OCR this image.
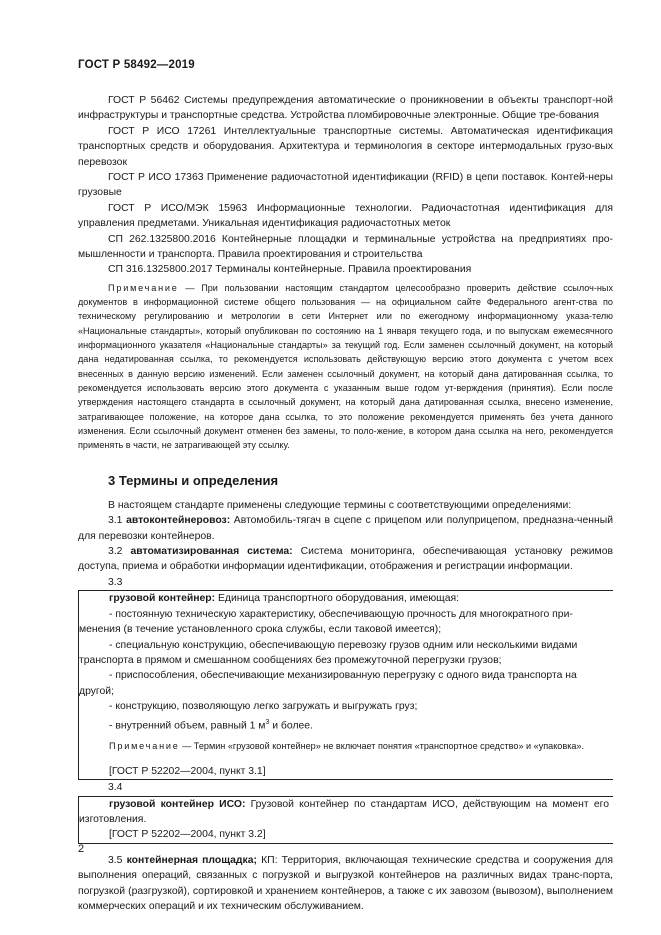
ГОСТ Р 58492—2019

ГОСТ Р 56462 Системы предупреждения автоматические о проникновении в объекты транспорт-ной инфраструктуры и транспортные средства. Устройства пломбировочные электронные. Общие тре-бования

ГОСТ Р ИСО 17261 Интеллектуальные транспортные системы. Автоматическая идентификация транспортных средств и оборудования. Архитектура и терминология в секторе интермодальных грузо-вых перевозок

ГОСТ Р ИСО 17363 Применение радиочастотной идентификации (RFID) в цепи поставок. Контей-неры грузовые

ГОСТ Р ИСО/МЭК 15963 Информационные технологии. Радиочастотная идентификация для управления предметами. Уникальная идентификация радиочастотных меток

СП 262.1325800.2016 Контейнерные площадки и терминальные устройства на предприятиях про-мышленности и транспорта. Правила проектирования и строительства

СП 316.1325800.2017 Терминалы контейнерные. Правила проектирования

Примечание — При пользовании настоящим стандартом целесообразно проверить действие ссылоч-ных документов в информационной системе общего пользования — на официальном сайте Федерального агент-ства по техническому регулированию и метрологии в сети Интернет или по ежегодному информационному указа-телю «Национальные стандарты», который опубликован по состоянию на 1 января текущего года, и по выпускам ежемесячного информационного указателя «Национальные стандарты» за текущий год. Если заменен ссылочный документ, на который дана недатированная ссылка, то рекомендуется использовать действующую версию этого документа с учетом всех внесенных в данную версию изменений. Если заменен ссылочный документ, на который дана датированная ссылка, то рекомендуется использовать версию этого документа с указанным выше годом ут-верждения (принятия). Если после утверждения настоящего стандарта в ссылочный документ, на который дана датированная ссылка, внесено изменение, затрагивающее положение, на которое дана ссылка, то это положение рекомендуется применять без учета данного изменения. Если ссылочный документ отменен без замены, то поло-жение, в котором дана ссылка на него, рекомендуется применять в части, не затрагивающей эту ссылку.

3 Термины и определения

В настоящем стандарте применены следующие термины с соответствующими определениями:

3.1 автоконтейнеровоз: Автомобиль-тягач в сцепе с прицепом или полуприцепом, предназна-ченный для перевозки контейнеров.

3.2 автоматизированная система: Система мониторинга, обеспечивающая установку режимов доступа, приема и обработки информации идентификации, отображения и регистрации информации.

3.3

грузовой контейнер: Единица транспортного оборудования, имеющая:

- постоянную техническую характеристику, обеспечивающую прочность для многократного при-

менения (в течение установленного срока службы, если таковой имеется);

- специальную конструкцию, обеспечивающую перевозку грузов одним или несколькими видами

транспорта в прямом и смешанном сообщениях без промежуточной перегрузки грузов;

- приспособления, обеспечивающие механизированную перегрузку с одного вида транспорта на

другой;

- конструкцию, позволяющую легко загружать и выгружать груз;

- внутренний объем, равный 1 $м^3$ и более.

Примечание — Термин «грузовой контейнер» не включает понятия «транспортное средство» и «упаковка».

[ГОСТ Р 52202—2004, пункт 3.1]

3.4

грузовой контейнер ИСО: Грузовой контейнер по стандартам ИСО, действующим на момент его изготовления.

[ГОСТ Р 52202—2004, пункт 3.2]

3.5 контейнерная площадка; КП: Территория, включающая технические средства и сооружения для выполнения операций, связанных с погрузкой и выгрузкой контейнеров на различных видах транс-порта, погрузкой (разгрузкой), сортировкой и хранением контейнеров, а также с их завозом (вывозом), выполнением коммерческих операций и их техническим обслуживанием.

2
